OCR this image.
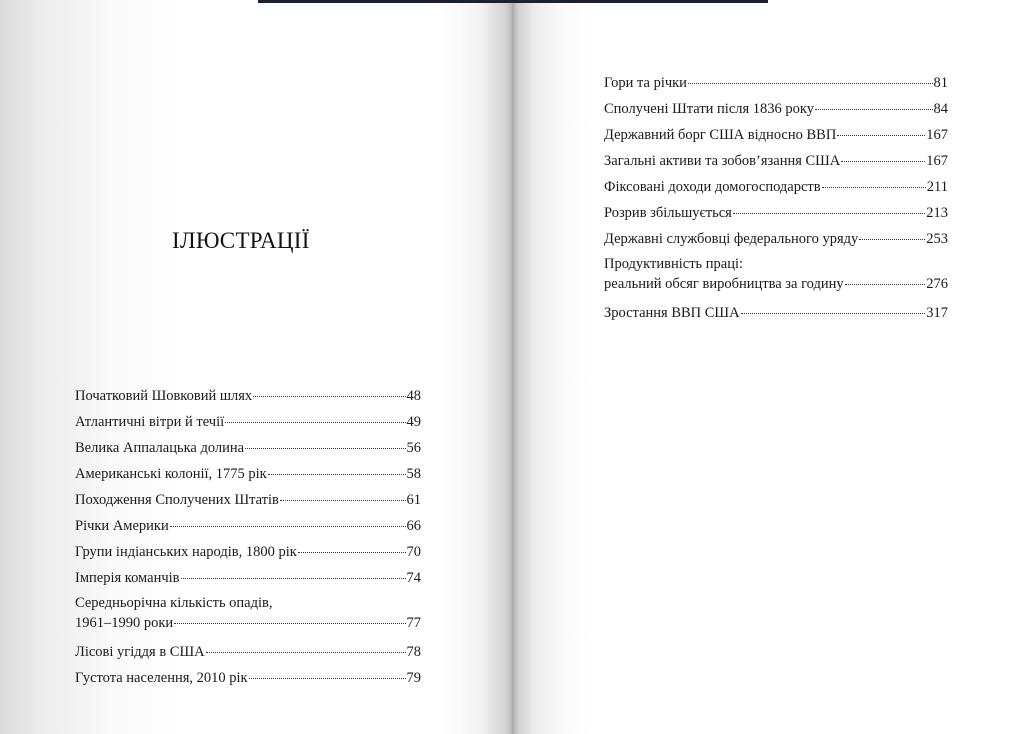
ІЛЮСТРАЦІЇ
Початковий Шовковий шлях	48
Атлантичні вітри й течії	49
Велика Аппалацька долина	56
Американські колонії, 1775 рік	58
Походження Сполучених Штатів	61
Річки Америки	66
Групи індіанських народів, 1800 рік	70
Імперія команчів	74
Середньорічна кількість опадів,
1961–1990 роки	77
Лісові угіддя в США	78
Густота населення, 2010 рік	79
Гори та річки	81
Сполучені Штати після 1836 року	84
Державний борг США відносно ВВП	167
Загальні активи та зобов’язання США	167
Фіксовані доходи домогосподарств	211
Розрив збільшується	213
Державні службовці федерального уряду	253
Продуктивність праці:
реальний обсяг виробництва за годину	276
Зростання ВВП США	317
